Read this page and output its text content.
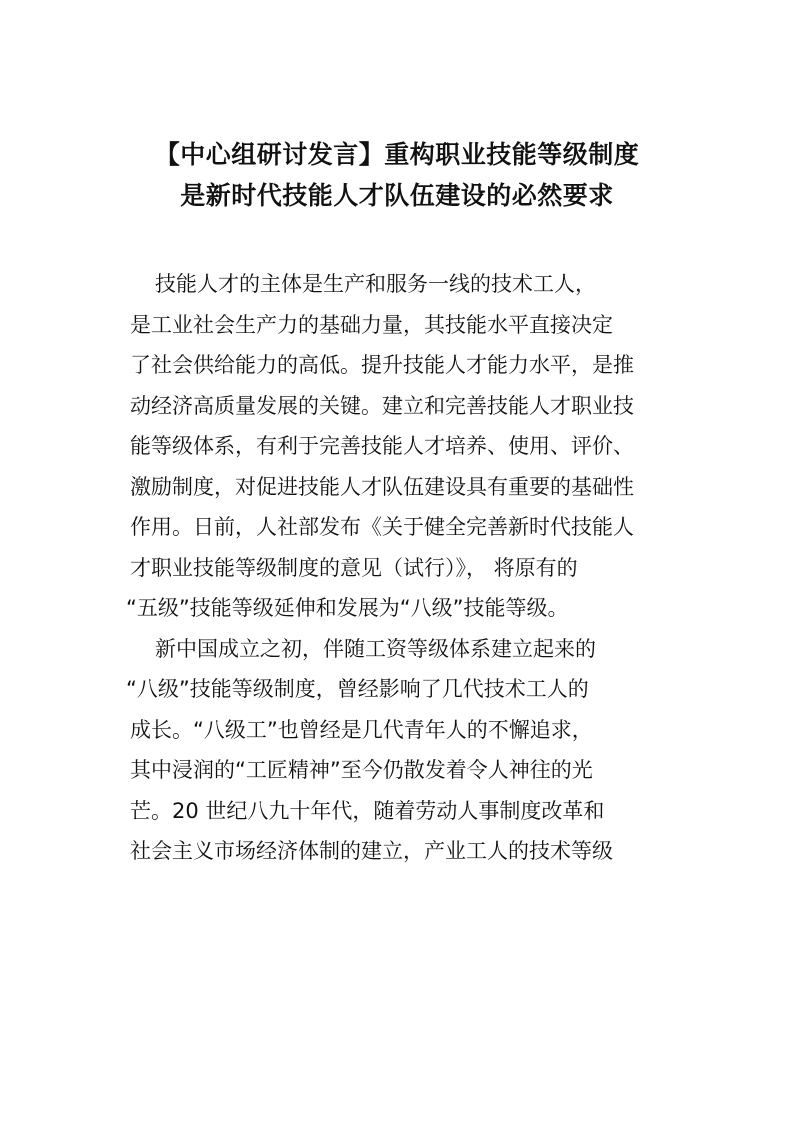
【中心组研讨发言】重构职业技能等级制度
是新时代技能人才队伍建设的必然要求
技能人才的主体是生产和服务一线的技术工人，
是工业社会生产力的基础力量，其技能水平直接决定
了社会供给能力的高低。提升技能人才能力水平，是推
动经济高质量发展的关键。建立和完善技能人才职业技
能等级体系，有利于完善技能人才培养、使用、评价、
激励制度，对促进技能人才队伍建设具有重要的基础性
作用。日前，人社部发布《关于健全完善新时代技能人
才职业技能等级制度的意见（试行）》， 将原有的
“五级”技能等级延伸和发展为“八级”技能等级。
新中国成立之初，伴随工资等级体系建立起来的
“八级”技能等级制度，曾经影响了几代技术工人的
成长。“八级工”也曾经是几代青年人的不懈追求，
其中浸润的“工匠精神”至今仍散发着令人神往的光
芒。20 世纪八九十年代，随着劳动人事制度改革和
社会主义市场经济体制的建立，产业工人的技术等级
